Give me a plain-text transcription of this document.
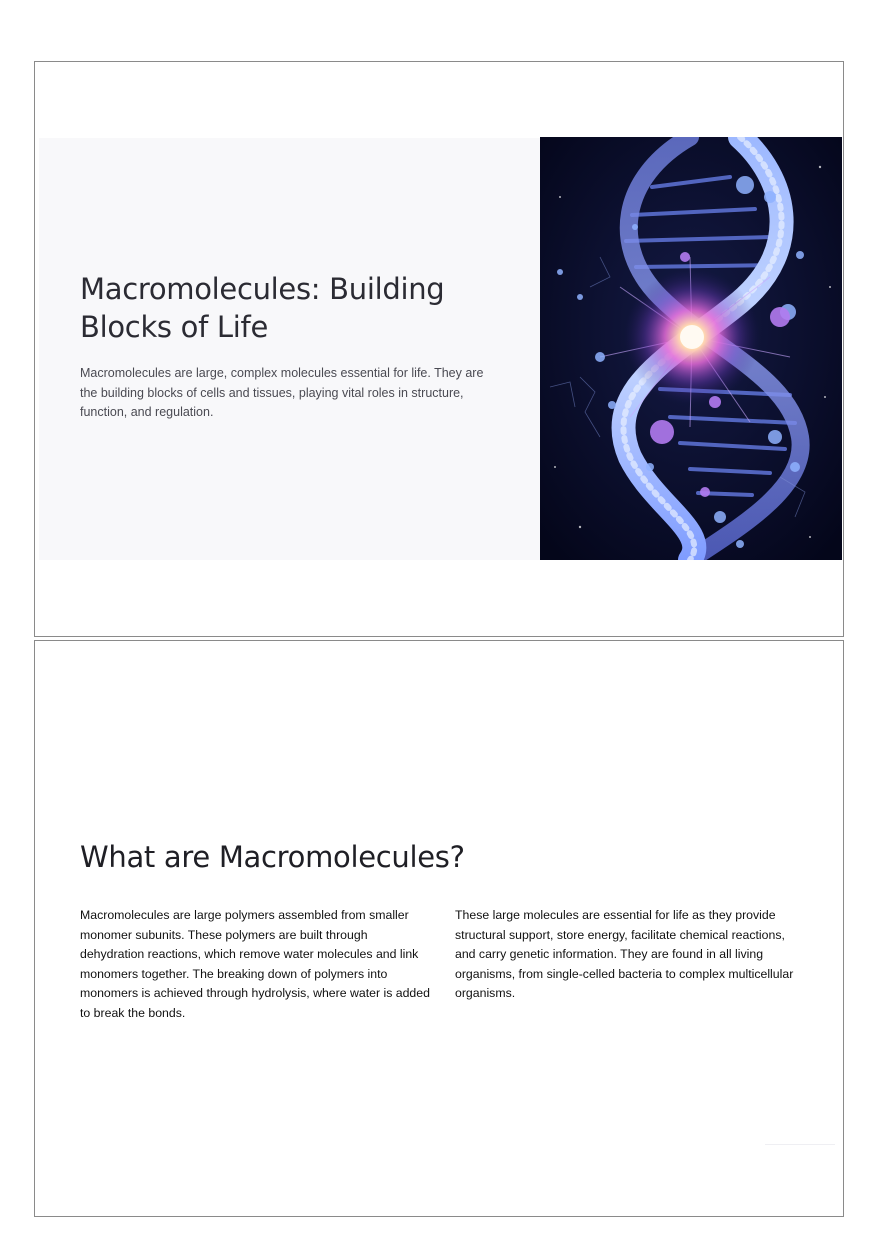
Macromolecules: Building Blocks of Life

Macromolecules are large, complex molecules essential for life. They are the building blocks of cells and tissues, playing vital roles in structure, function, and regulation.

What are Macromolecules?

Macromolecules are large polymers assembled from smaller monomer subunits. These polymers are built through dehydration reactions, which remove water molecules and link monomers together. The breaking down of polymers into monomers is achieved through hydrolysis, where water is added to break the bonds.

These large molecules are essential for life as they provide structural support, store energy, facilitate chemical reactions, and carry genetic information. They are found in all living organisms, from single-celled bacteria to complex multicellular organisms.
